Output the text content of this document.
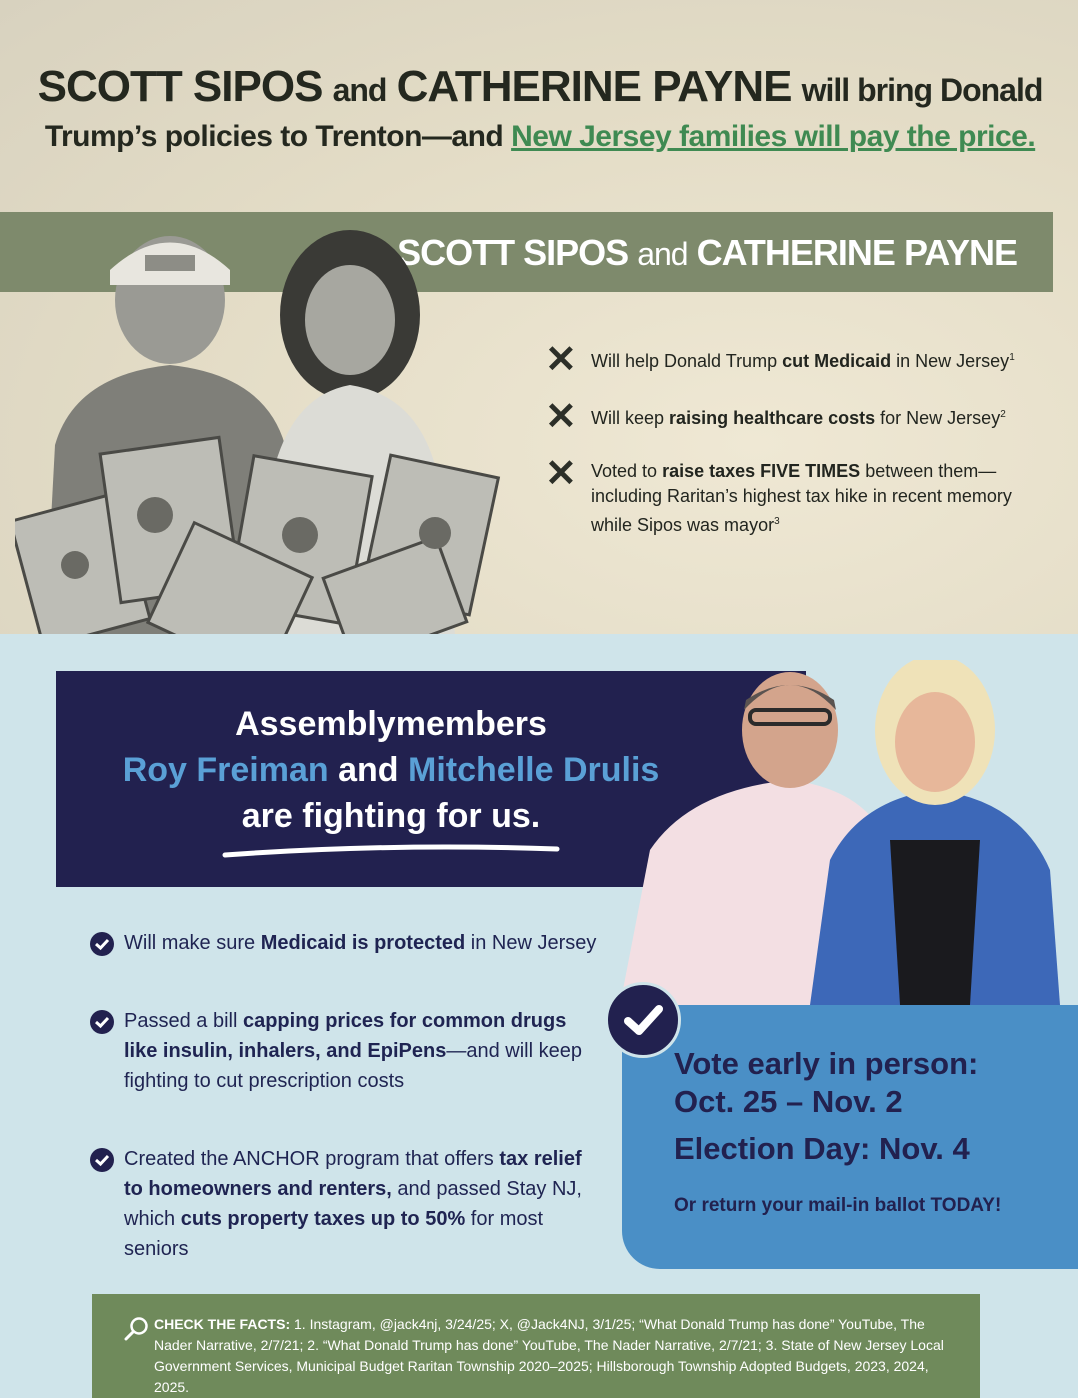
SCOTT SIPOS and CATHERINE PAYNE will bring Donald
Trump’s policies to Trenton—and New Jersey families will pay the price.
SCOTT SIPOS and CATHERINE PAYNE
✕ Will help Donald Trump cut Medicaid in New Jersey$^1$
✕ Will keep raising healthcare costs for New Jersey$^2$
✕ Voted to raise taxes FIVE TIMES between them—including Raritan’s highest tax hike in recent memory while Sipos was mayor$^3$
Assemblymembers
Roy Freiman and Mitchelle Drulis
are fighting for us.
Will make sure Medicaid is protected in New Jersey
Passed a bill capping prices for common drugs like insulin, inhalers, and EpiPens—and will keep fighting to cut prescription costs
Created the ANCHOR program that offers tax relief to homeowners and renters, and passed Stay NJ, which cuts property taxes up to 50% for most seniors
Vote early in person:
Oct. 25 – Nov. 2
Election Day: Nov. 4
Or return your mail-in ballot TODAY!
CHECK THE FACTS: 1. Instagram, @jack4nj, 3/24/25; X, @Jack4NJ, 3/1/25; “What Donald Trump has done” YouTube, The Nader Narrative, 2/7/21; 2. “What Donald Trump has done” YouTube, The Nader Narrative, 2/7/21; 3. State of New Jersey Local Government Services, Municipal Budget Raritan Township 2020–2025; Hillsborough Township Adopted Budgets, 2023, 2024, 2025.
